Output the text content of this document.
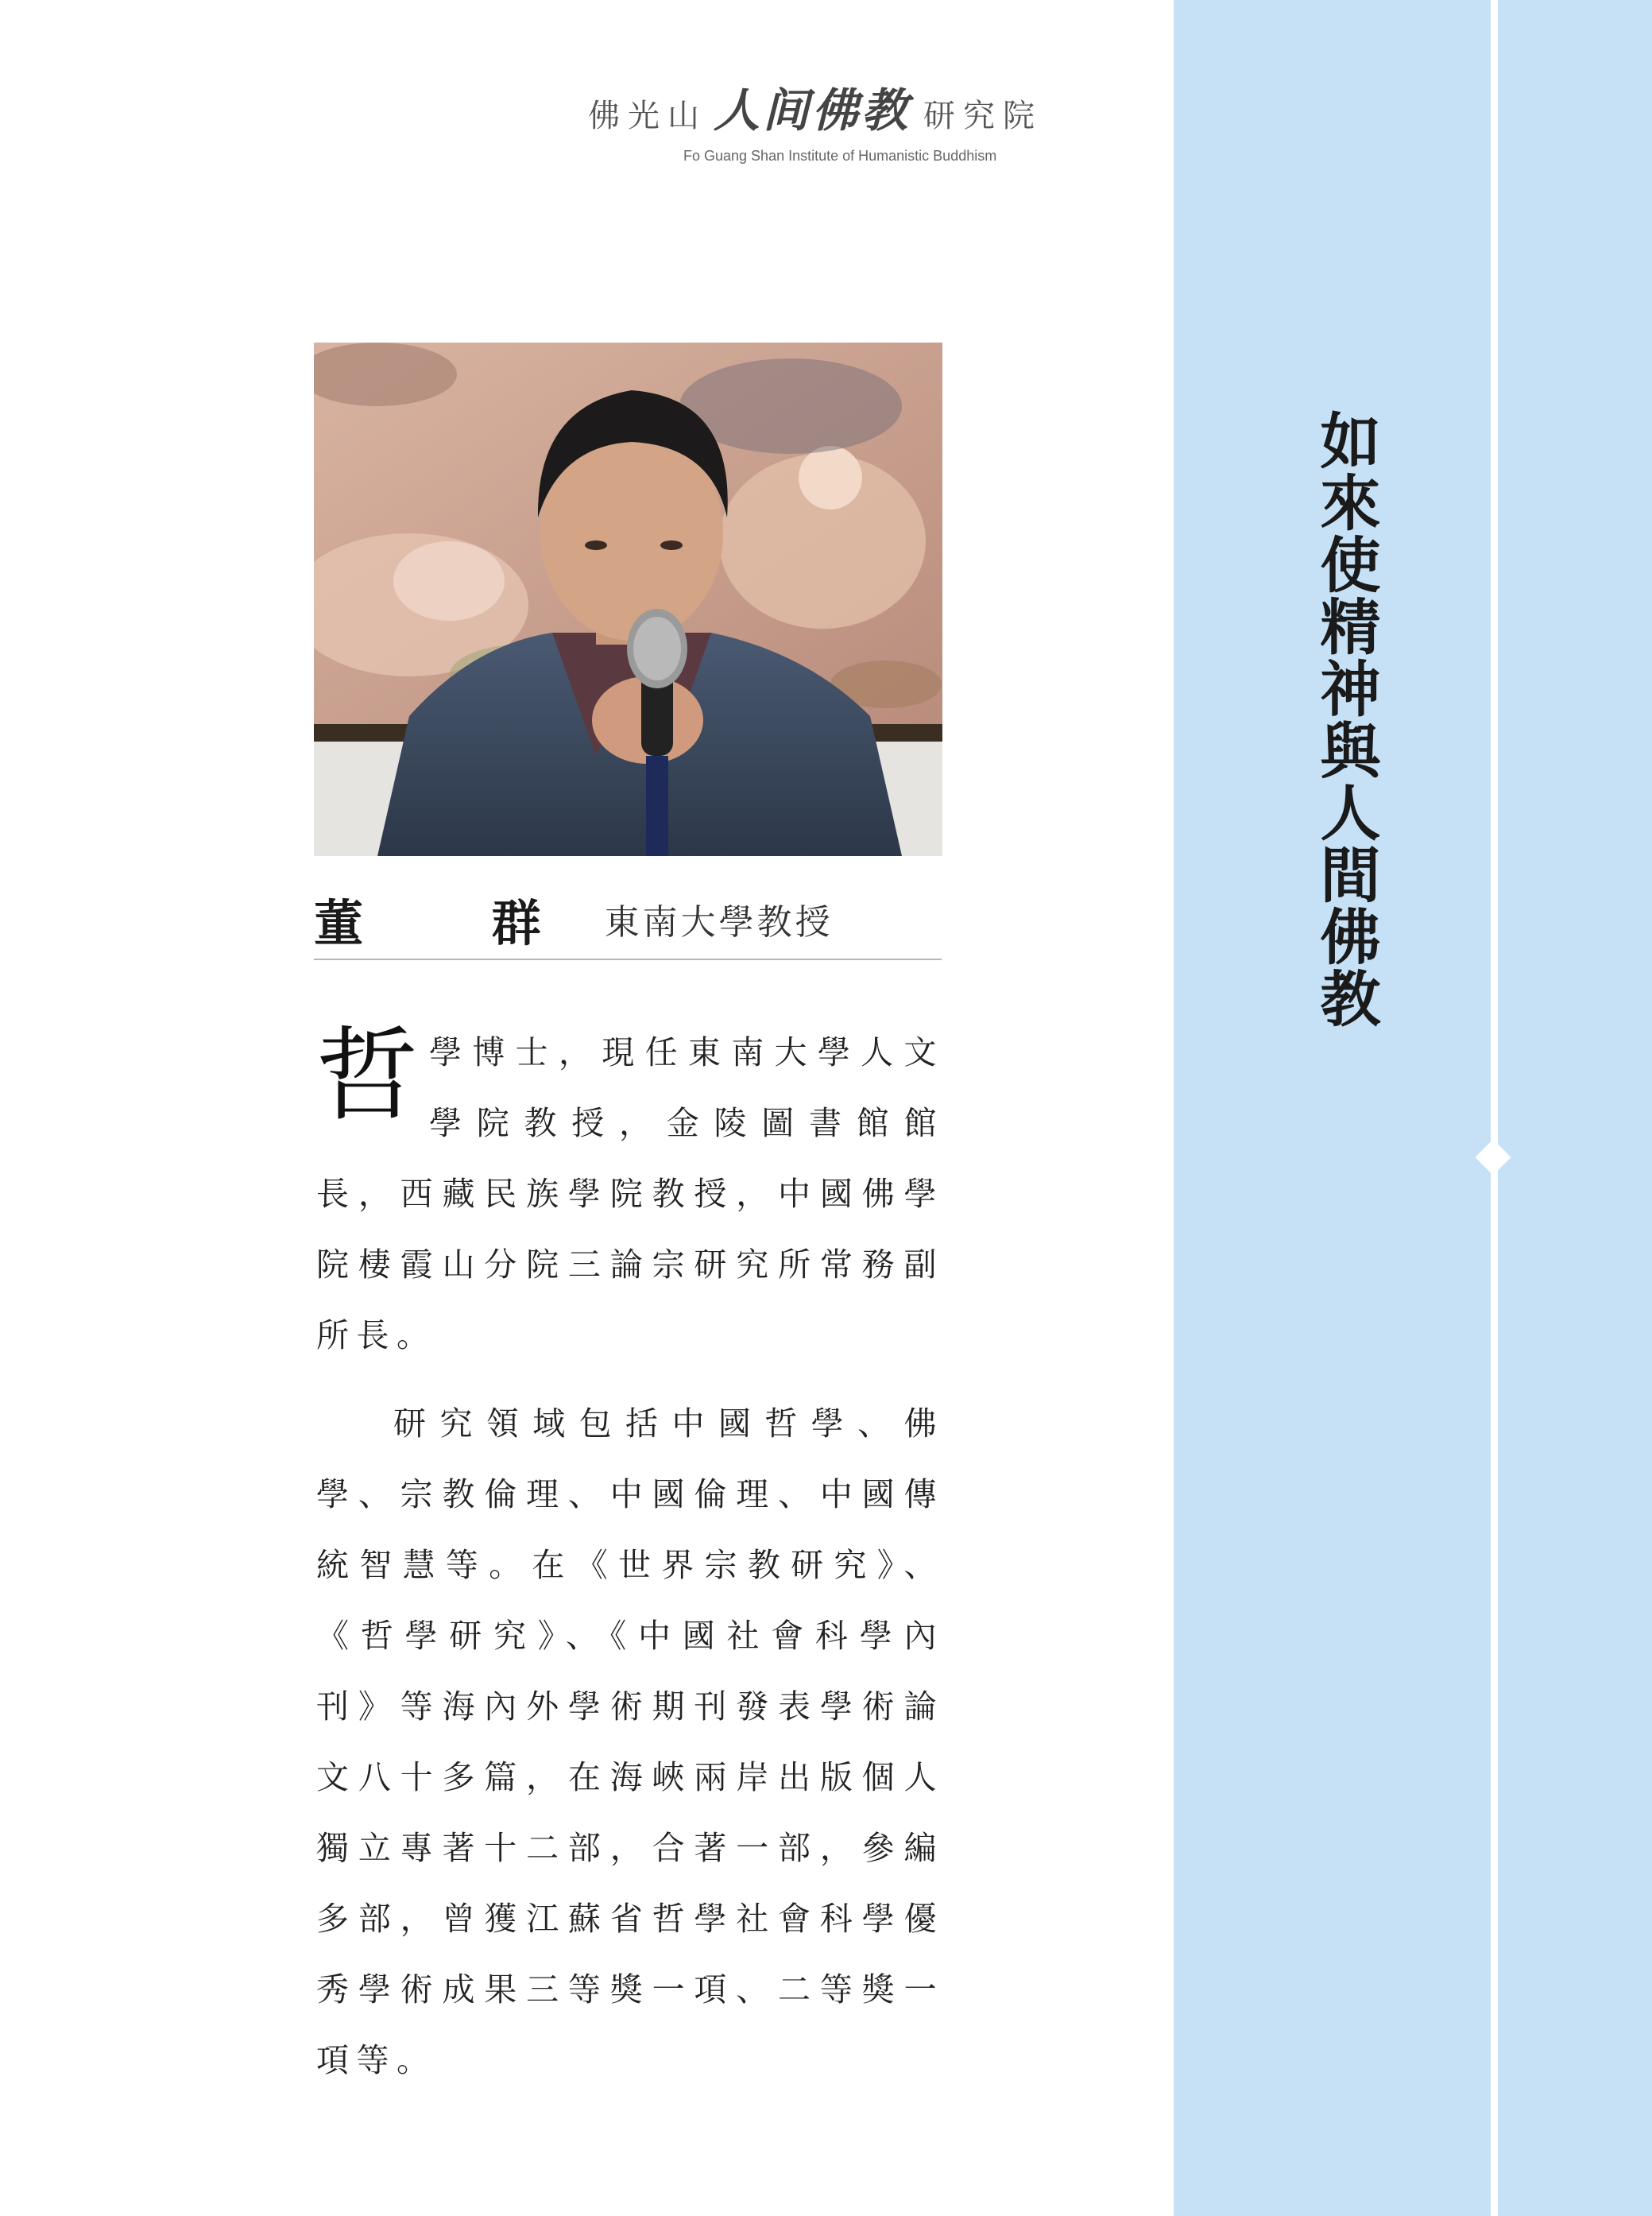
佛光山 人间佛教 研究院
Fo Guang Shan Institute of Humanistic Buddhism
董 群 東南大學教授

哲學博士，現任東南大學人文學院教授，金陵圖書館館長，西藏民族學院教授，中國佛學院棲霞山分院三論宗研究所常務副所長。

研究領域包括中國哲學、佛學、宗教倫理、中國倫理、中國傳統智慧等。在《世界宗教研究》、《哲學研究》、《中國社會科學內刊》等海內外學術期刊發表學術論文八十多篇，在海峽兩岸出版個人獨立專著十二部，合著一部，參編多部，曾獲江蘇省哲學社會科學優秀學術成果三等獎一項、二等獎一項等。

如來使精神與人間佛教
